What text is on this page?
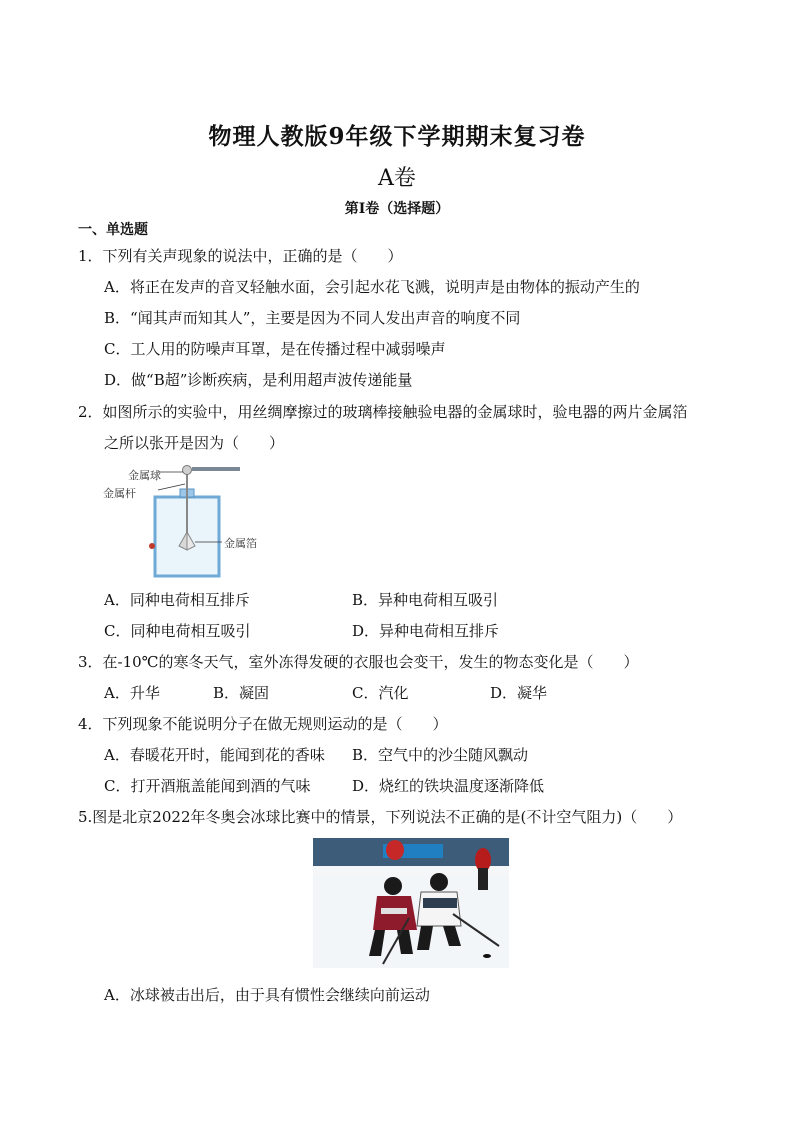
物理人教版9年级下学期期末复习卷
A卷
第Ⅰ卷（选择题）
一、单选题
1．下列有关声现象的说法中，正确的是（　　）
A．将正在发声的音叉轻触水面，会引起水花飞溅，说明声是由物体的振动产生的
B．“闻其声而知其人”，主要是因为不同人发出声音的响度不同
C．工人用的防噪声耳罩，是在传播过程中减弱噪声
D．做“B超”诊断疾病，是利用超声波传递能量
2．如图所示的实验中，用丝绸摩擦过的玻璃棒接触验电器的金属球时，验电器的两片金属箔
之所以张开是因为（　　）
金属球
金属杆
金属箔
A．同种电荷相互排斥	B．异种电荷相互吸引
C．同种电荷相互吸引	D．异种电荷相互排斥
3．在-10℃的寒冬天气，室外冻得发硬的衣服也会变干，发生的物态变化是（　　）
A．升华	B．凝固	C．汽化	D．凝华
4．下列现象不能说明分子在做无规则运动的是（　　）
A．春暖花开时，能闻到花的香味 B．空气中的沙尘随风飘动
C．打开酒瓶盖能闻到酒的气味	D．烧红的铁块温度逐渐降低
5.图是北京2022年冬奥会冰球比赛中的情景，下列说法不正确的是(不计空气阻力)（　　）
A．冰球被击出后，由于具有惯性会继续向前运动
